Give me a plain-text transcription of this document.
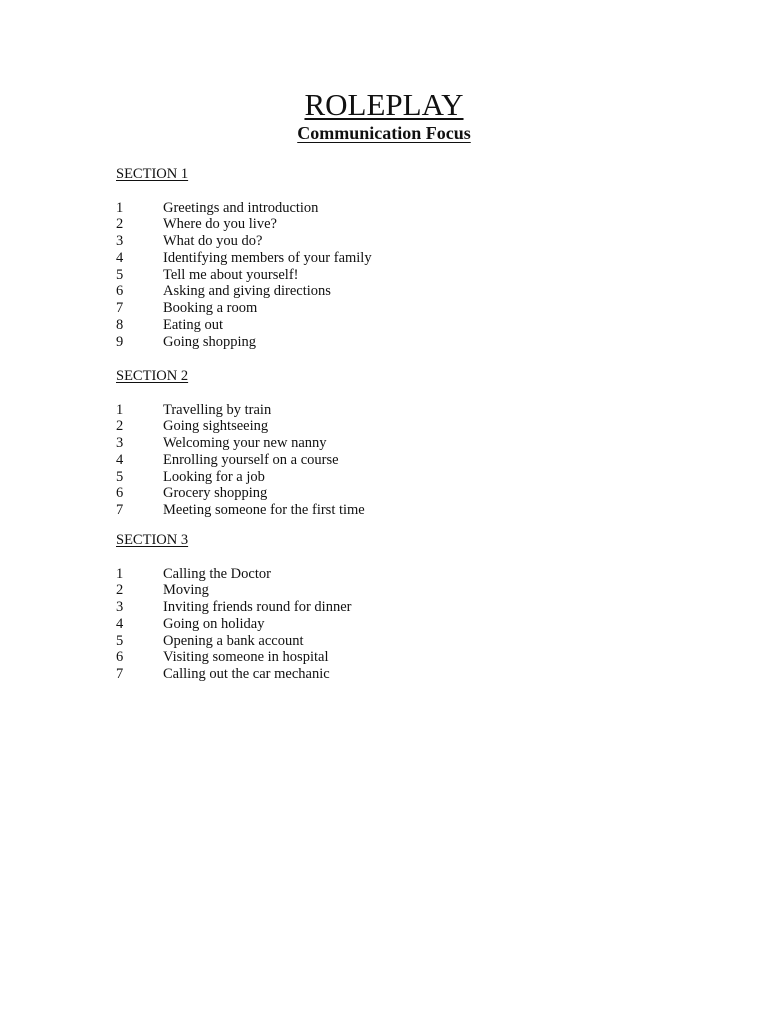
ROLEPLAY
Communication Focus
SECTION 1
1	Greetings and introduction
2	Where do you live?
3	What do you do?
4	Identifying members of your family
5	Tell me about yourself!
6	Asking and giving directions
7	Booking a room
8	Eating out
9	Going shopping
SECTION 2
1	Travelling by train
2	Going sightseeing
3	Welcoming your new nanny
4	Enrolling yourself on a course
5	Looking for a job
6	Grocery shopping
7	Meeting someone for the first time
SECTION 3
1	Calling the Doctor
2	Moving
3	Inviting friends round for dinner
4	Going on holiday
5	Opening a bank account
6	Visiting someone in hospital
7	Calling out the car mechanic
